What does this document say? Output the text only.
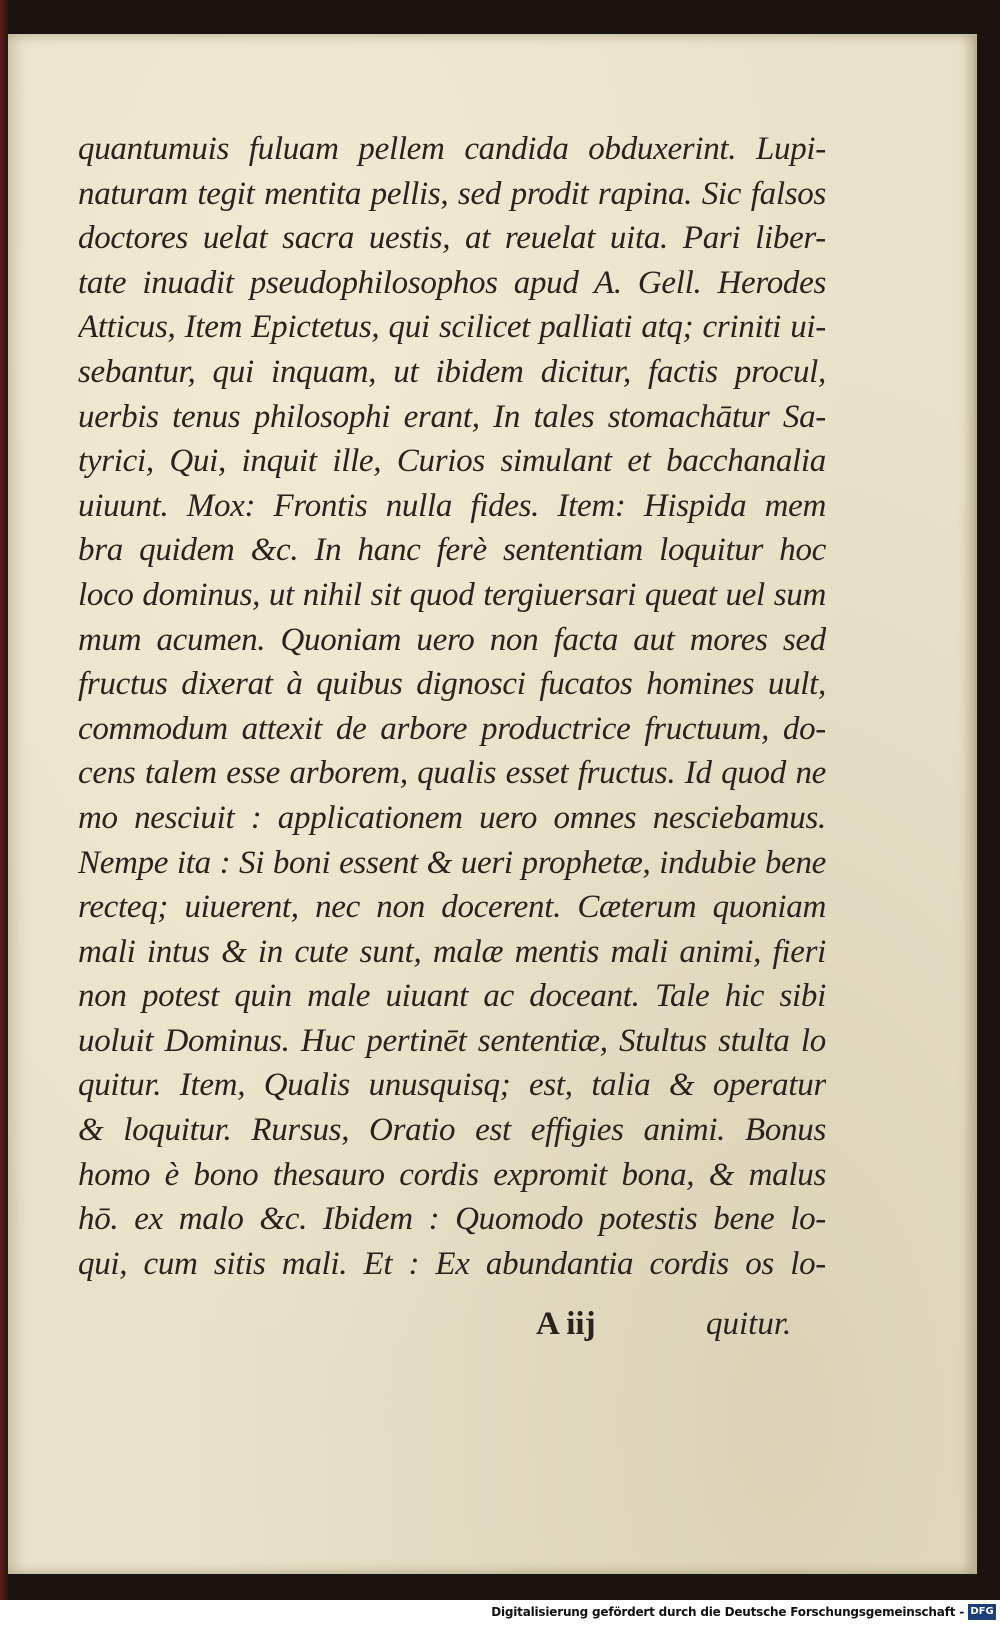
quantumuis fuluam pellem candida obduxerint. Lupi-
naturam tegit mentita pellis, sed prodit rapina. Sic falsos
doctores uelat sacra uestis, at reuelat uita. Pari liber-
tate inuadit pseudophilosophos apud A. Gell. Herodes
Atticus, Item Epictetus, qui scilicet palliati atq; criniti ui-
sebantur, qui inquam, ut ibidem dicitur, factis procul,
uerbis tenus philosophi erant, In tales stomachātur Sa-
tyrici, Qui, inquit ille, Curios simulant et bacchanalia
uiuunt. Mox: Frontis nulla fides. Item: Hispida mem
bra quidem &c. In hanc ferè sententiam loquitur hoc
loco dominus, ut nihil sit quod tergiuersari queat uel sum
mum acumen. Quoniam uero non facta aut mores sed
fructus dixerat à quibus dignosci fucatos homines uult,
commodum attexit de arbore productrice fructuum, do-
cens talem esse arborem, qualis esset fructus. Id quod ne
mo nesciuit : applicationem uero omnes nesciebamus.
Nempe ita : Si boni essent & ueri prophetæ, indubie bene
recteq; uiuerent, nec non docerent. Cæterum quoniam
mali intus & in cute sunt, malæ mentis mali animi, fieri
non potest quin male uiuant ac doceant. Tale hic sibi
uoluit Dominus. Huc pertinēt sententiæ, Stultus stulta lo
quitur. Item, Qualis unusquisq; est, talia & operatur
& loquitur. Rursus, Oratio est effigies animi. Bonus
homo è bono thesauro cordis expromit bona, & malus
hō. ex malo &c. Ibidem : Quomodo potestis bene lo-
qui, cum sitis mali. Et : Ex abundantia cordis os lo-
A iij	quitur.
Digitalisierung gefördert durch die Deutsche Forschungsgemeinschaft - DFG
